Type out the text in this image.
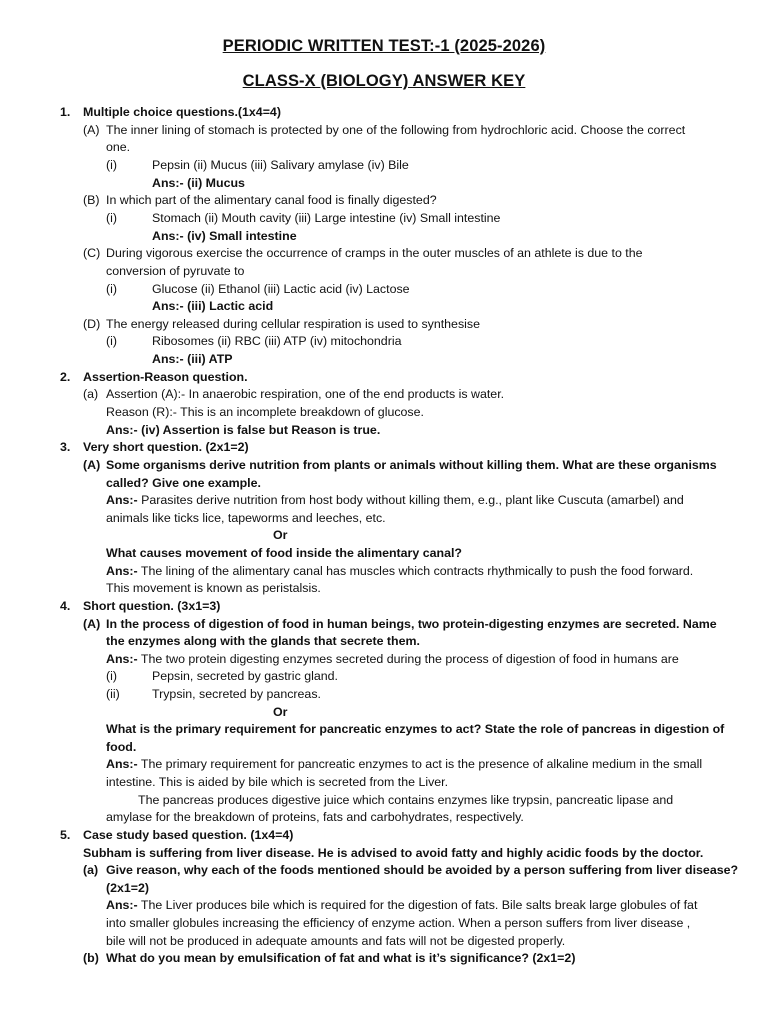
PERIODIC WRITTEN TEST:-1 (2025-2026)
CLASS-X (BIOLOGY) ANSWER KEY
1. Multiple choice questions.(1x4=4)
(A) The inner lining of stomach is protected by one of the following from hydrochloric acid. Choose the correct
one.
(i)	Pepsin (ii) Mucus (iii) Salivary amylase (iv) Bile
Ans:- (ii) Mucus
(B) In which part of the alimentary canal food is finally digested?
(i)	Stomach (ii) Mouth cavity (iii) Large intestine (iv) Small intestine
Ans:- (iv) Small intestine
(C) During vigorous exercise the occurrence of cramps in the outer muscles of an athlete is due to the
conversion of pyruvate to
(i)	Glucose (ii) Ethanol (iii) Lactic acid (iv) Lactose
Ans:- (iii) Lactic acid
(D) The energy released during cellular respiration is used to synthesise
(i)	Ribosomes (ii) RBC (iii) ATP (iv) mitochondria
Ans:- (iii) ATP
2. Assertion-Reason question.
(a) Assertion (A):- In anaerobic respiration, one of the end products is water.
Reason (R):- This is an incomplete breakdown of glucose.
Ans:- (iv) Assertion is false but Reason is true.
3. Very short question. (2x1=2)
(A) Some organisms derive nutrition from plants or animals without killing them. What are these organisms
called? Give one example.
Ans:- Parasites derive nutrition from host body without killing them, e.g., plant like Cuscuta (amarbel) and
animals like ticks lice, tapeworms and leeches, etc.
Or
What causes movement of food inside the alimentary canal?
Ans:- The lining of the alimentary canal has muscles which contracts rhythmically to push the food forward.
This movement is known as peristalsis.
4. Short question. (3x1=3)
(A) In the process of digestion of food in human beings, two protein-digesting enzymes are secreted. Name
the enzymes along with the glands that secrete them.
Ans:- The two protein digesting enzymes secreted during the process of digestion of food in humans are
(i)	Pepsin, secreted by gastric gland.
(ii)	Trypsin, secreted by pancreas.
Or
What is the primary requirement for pancreatic enzymes to act? State the role of pancreas in digestion of
food.
Ans:- The primary requirement for pancreatic enzymes to act is the presence of alkaline medium in the small
intestine. This is aided by bile which is secreted from the Liver.
The pancreas produces digestive juice which contains enzymes like trypsin, pancreatic lipase and
amylase for the breakdown of proteins, fats and carbohydrates, respectively.
5. Case study based question. (1x4=4)
Subham is suffering from liver disease. He is advised to avoid fatty and highly acidic foods by the doctor.
(a) Give reason, why each of the foods mentioned should be avoided by a person suffering from liver disease?
(2x1=2)
Ans:- The Liver produces bile which is required for the digestion of fats. Bile salts break large globules of fat
into smaller globules increasing the efficiency of enzyme action. When a person suffers from liver disease ,
bile will not be produced in adequate amounts and fats will not be digested properly.
(b) What do you mean by emulsification of fat and what is it’s significance? (2x1=2)
